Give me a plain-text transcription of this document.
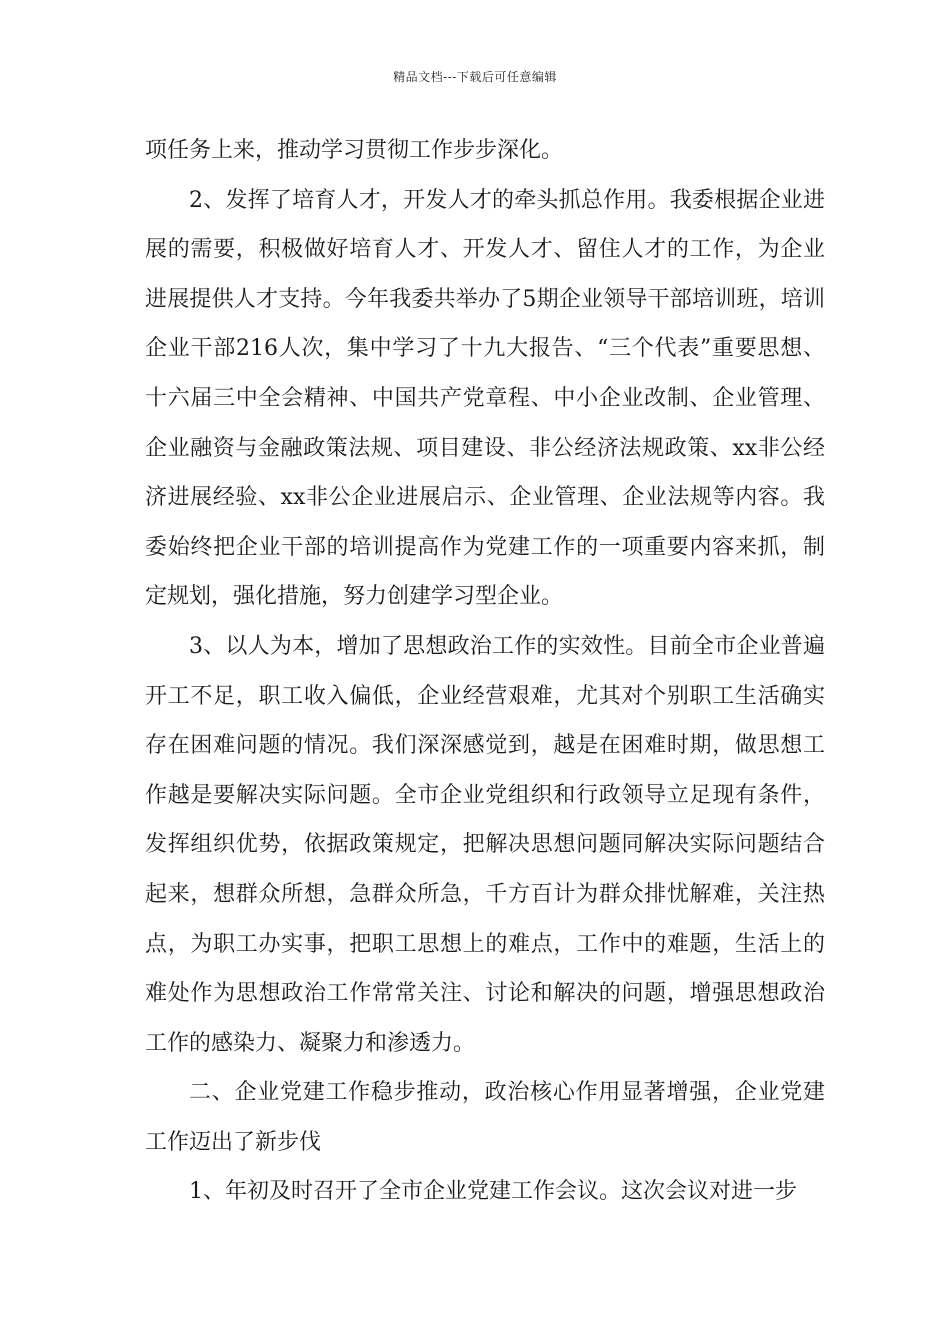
精品文档---下载后可任意编辑

项任务上来，推动学习贯彻工作步步深化。

2、发挥了培育人才，开发人才的牵头抓总作用。我委根据企业进展的需要，积极做好培育人才、开发人才、留住人才的工作，为企业进展提供人才支持。今年我委共举办了5期企业领导干部培训班，培训企业干部216人次，集中学习了十九大报告、“三个代表”重要思想、十六届三中全会精神、中国共产党章程、中小企业改制、企业管理、企业融资与金融政策法规、项目建设、非公经济法规政策、xx非公经济进展经验、xx非公企业进展启示、企业管理、企业法规等内容。我委始终把企业干部的培训提高作为党建工作的一项重要内容来抓，制定规划，强化措施，努力创建学习型企业。

3、以人为本，增加了思想政治工作的实效性。目前全市企业普遍开工不足，职工收入偏低，企业经营艰难，尤其对个别职工生活确实存在困难问题的情况。我们深深感觉到，越是在困难时期，做思想工作越是要解决实际问题。全市企业党组织和行政领导立足现有条件，发挥组织优势，依据政策规定，把解决思想问题同解决实际问题结合起来，想群众所想，急群众所急，千方百计为群众排忧解难，关注热点，为职工办实事，把职工思想上的难点，工作中的难题，生活上的难处作为思想政治工作常常关注、讨论和解决的问题，增强思想政治工作的感染力、凝聚力和渗透力。

二、企业党建工作稳步推动，政治核心作用显著增强，企业党建工作迈出了新步伐

1、年初及时召开了全市企业党建工作会议。这次会议对进一步
